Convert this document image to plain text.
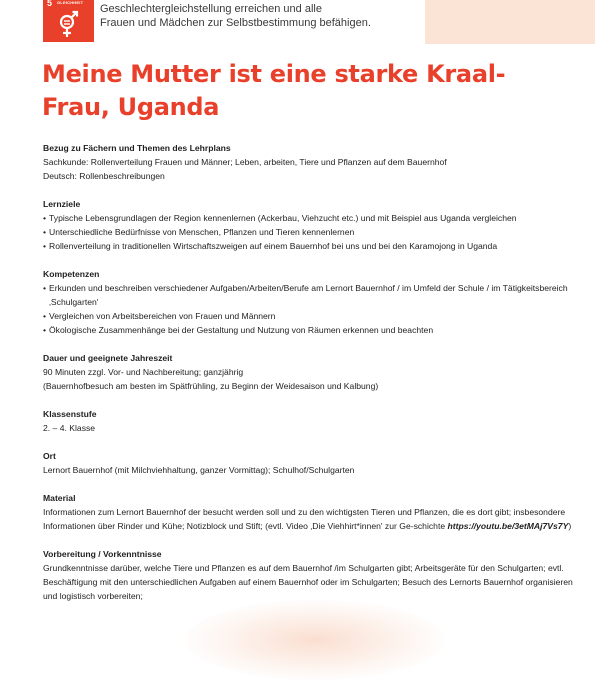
5 GLEICHHEIT
Geschlechtergleichstellung erreichen und alle
Frauen und Mädchen zur Selbstbestimmung befähigen.
Meine Mutter ist eine starke Kraal-Frau, Uganda
Bezug zu Fächern und Themen des Lehrplans

Sachkunde: Rollenverteilung Frauen und Männer; Leben, arbeiten, Tiere und Pflanzen auf dem Bauernhof

Deutsch: Rollenbeschreibungen

Lernziele
• Typische Lebensgrundlagen der Region kennenlernen (Ackerbau, Viehzucht etc.) und mit Beispiel aus Uganda vergleichen
• Unterschiedliche Bedürfnisse von Menschen, Pflanzen und Tieren kennenlernen
• Rollenverteilung in traditionellen Wirtschaftszweigen auf einem Bauernhof bei uns und bei den Karamojong in Uganda
Kompetenzen
• Erkunden und beschreiben verschiedener Aufgaben/Arbeiten/Berufe am Lernort Bauernhof / im Umfeld der Schule / im Tätigkeitsbereich ‚Schulgarten'
• Vergleichen von Arbeitsbereichen von Frauen und Männern
• Ökologische Zusammenhänge bei der Gestaltung und Nutzung von Räumen erkennen und beachten
Dauer und geeignete Jahreszeit

90 Minuten zzgl. Vor- und Nachbereitung; ganzjährig

(Bauernhofbesuch am besten im Spätfrühling, zu Beginn der Weidesaison und Kalbung)

Klassenstufe

2. – 4. Klasse

Ort

Lernort Bauernhof (mit Milchviehhaltung, ganzer Vormittag); Schulhof/Schulgarten

Material

Informationen zum Lernort Bauernhof der besucht werden soll und zu den wichtigsten Tieren und Pflanzen, die es dort gibt; insbesondere Informationen über Rinder und Kühe; Notizblock und Stift; (evtl. Video ‚Die Viehhirt*innen' zur Ge-schichte https://youtu.be/3etMAj7Vs7Y)

Vorbereitung / Vorkenntnisse

Grundkenntnisse darüber, welche Tiere und Pflanzen es auf dem Bauernhof /im Schulgarten gibt; Arbeitsgeräte für den Schulgarten; evtl. Beschäftigung mit den unterschiedlichen Aufgaben auf einem Bauernhof oder im Schulgarten; Besuch des Lernorts Bauernhof organisieren und logistisch vorbereiten;
